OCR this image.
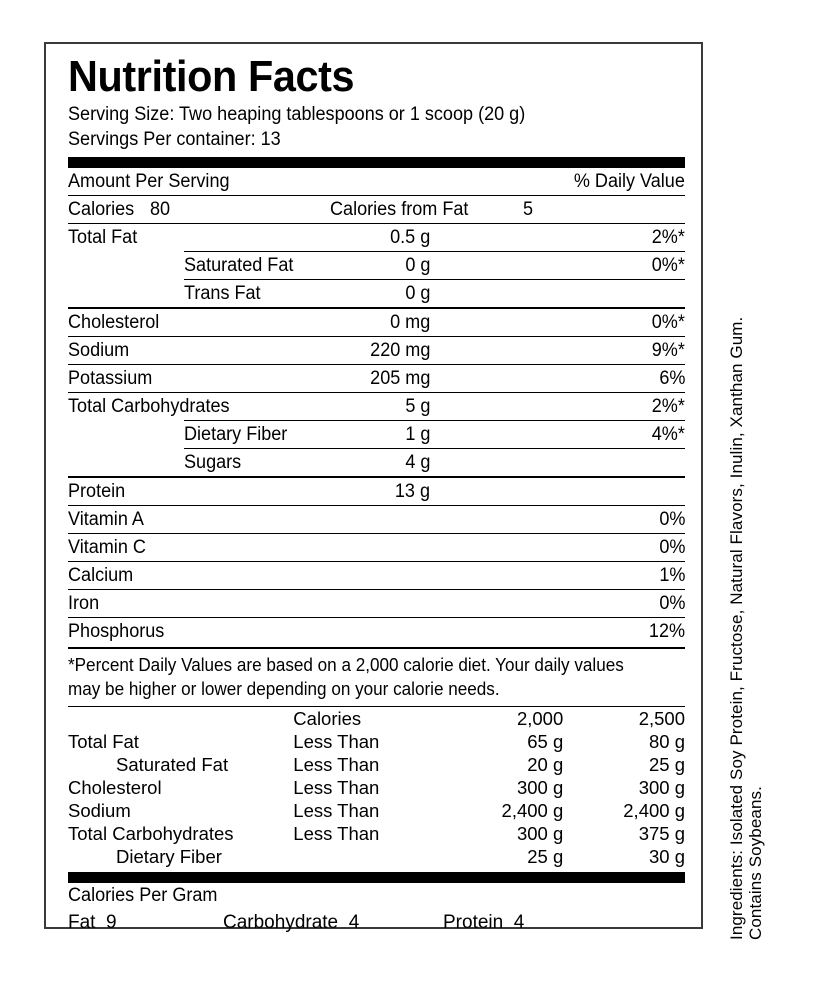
Nutrition Facts
Serving Size: Two heaping tablespoons or 1 scoop (20 g)
Servings Per container: 13
Amount Per Serving	% Daily Value
Calories 80	Calories from Fat	5
Total Fat	0.5 g	2%*
Saturated Fat	0 g	0%*
Trans Fat	0 g
Cholesterol	0 mg	0%*
Sodium	220 mg	9%*
Potassium	205 mg	6%
Total Carbohydrates	5 g	2%*
Dietary Fiber	1 g	4%*
Sugars	4 g
Protein	13 g
Vitamin A	0%
Vitamin C	0%
Calcium	1%
Iron	0%
Phosphorus	12%
*Percent Daily Values are based on a 2,000 calorie diet. Your daily values
may be higher or lower depending on your calorie needs.
	Calories	2,000	2,500
Total Fat	Less Than	65 g	80 g
Saturated Fat	Less Than	20 g	25 g
Cholesterol	Less Than	300 g	300 g
Sodium	Less Than	2,400 g	2,400 g
Total Carbohydrates	Less Than	300 g	375 g
Dietary Fiber		25 g	30 g
Calories Per Gram
Fat 9	Carbohydrate 4	Protein 4	Ingredients: Isolated Soy Protein, Fructose, Natural Flavors, Inulin, Xanthan Gum. Contains Soybeans.
